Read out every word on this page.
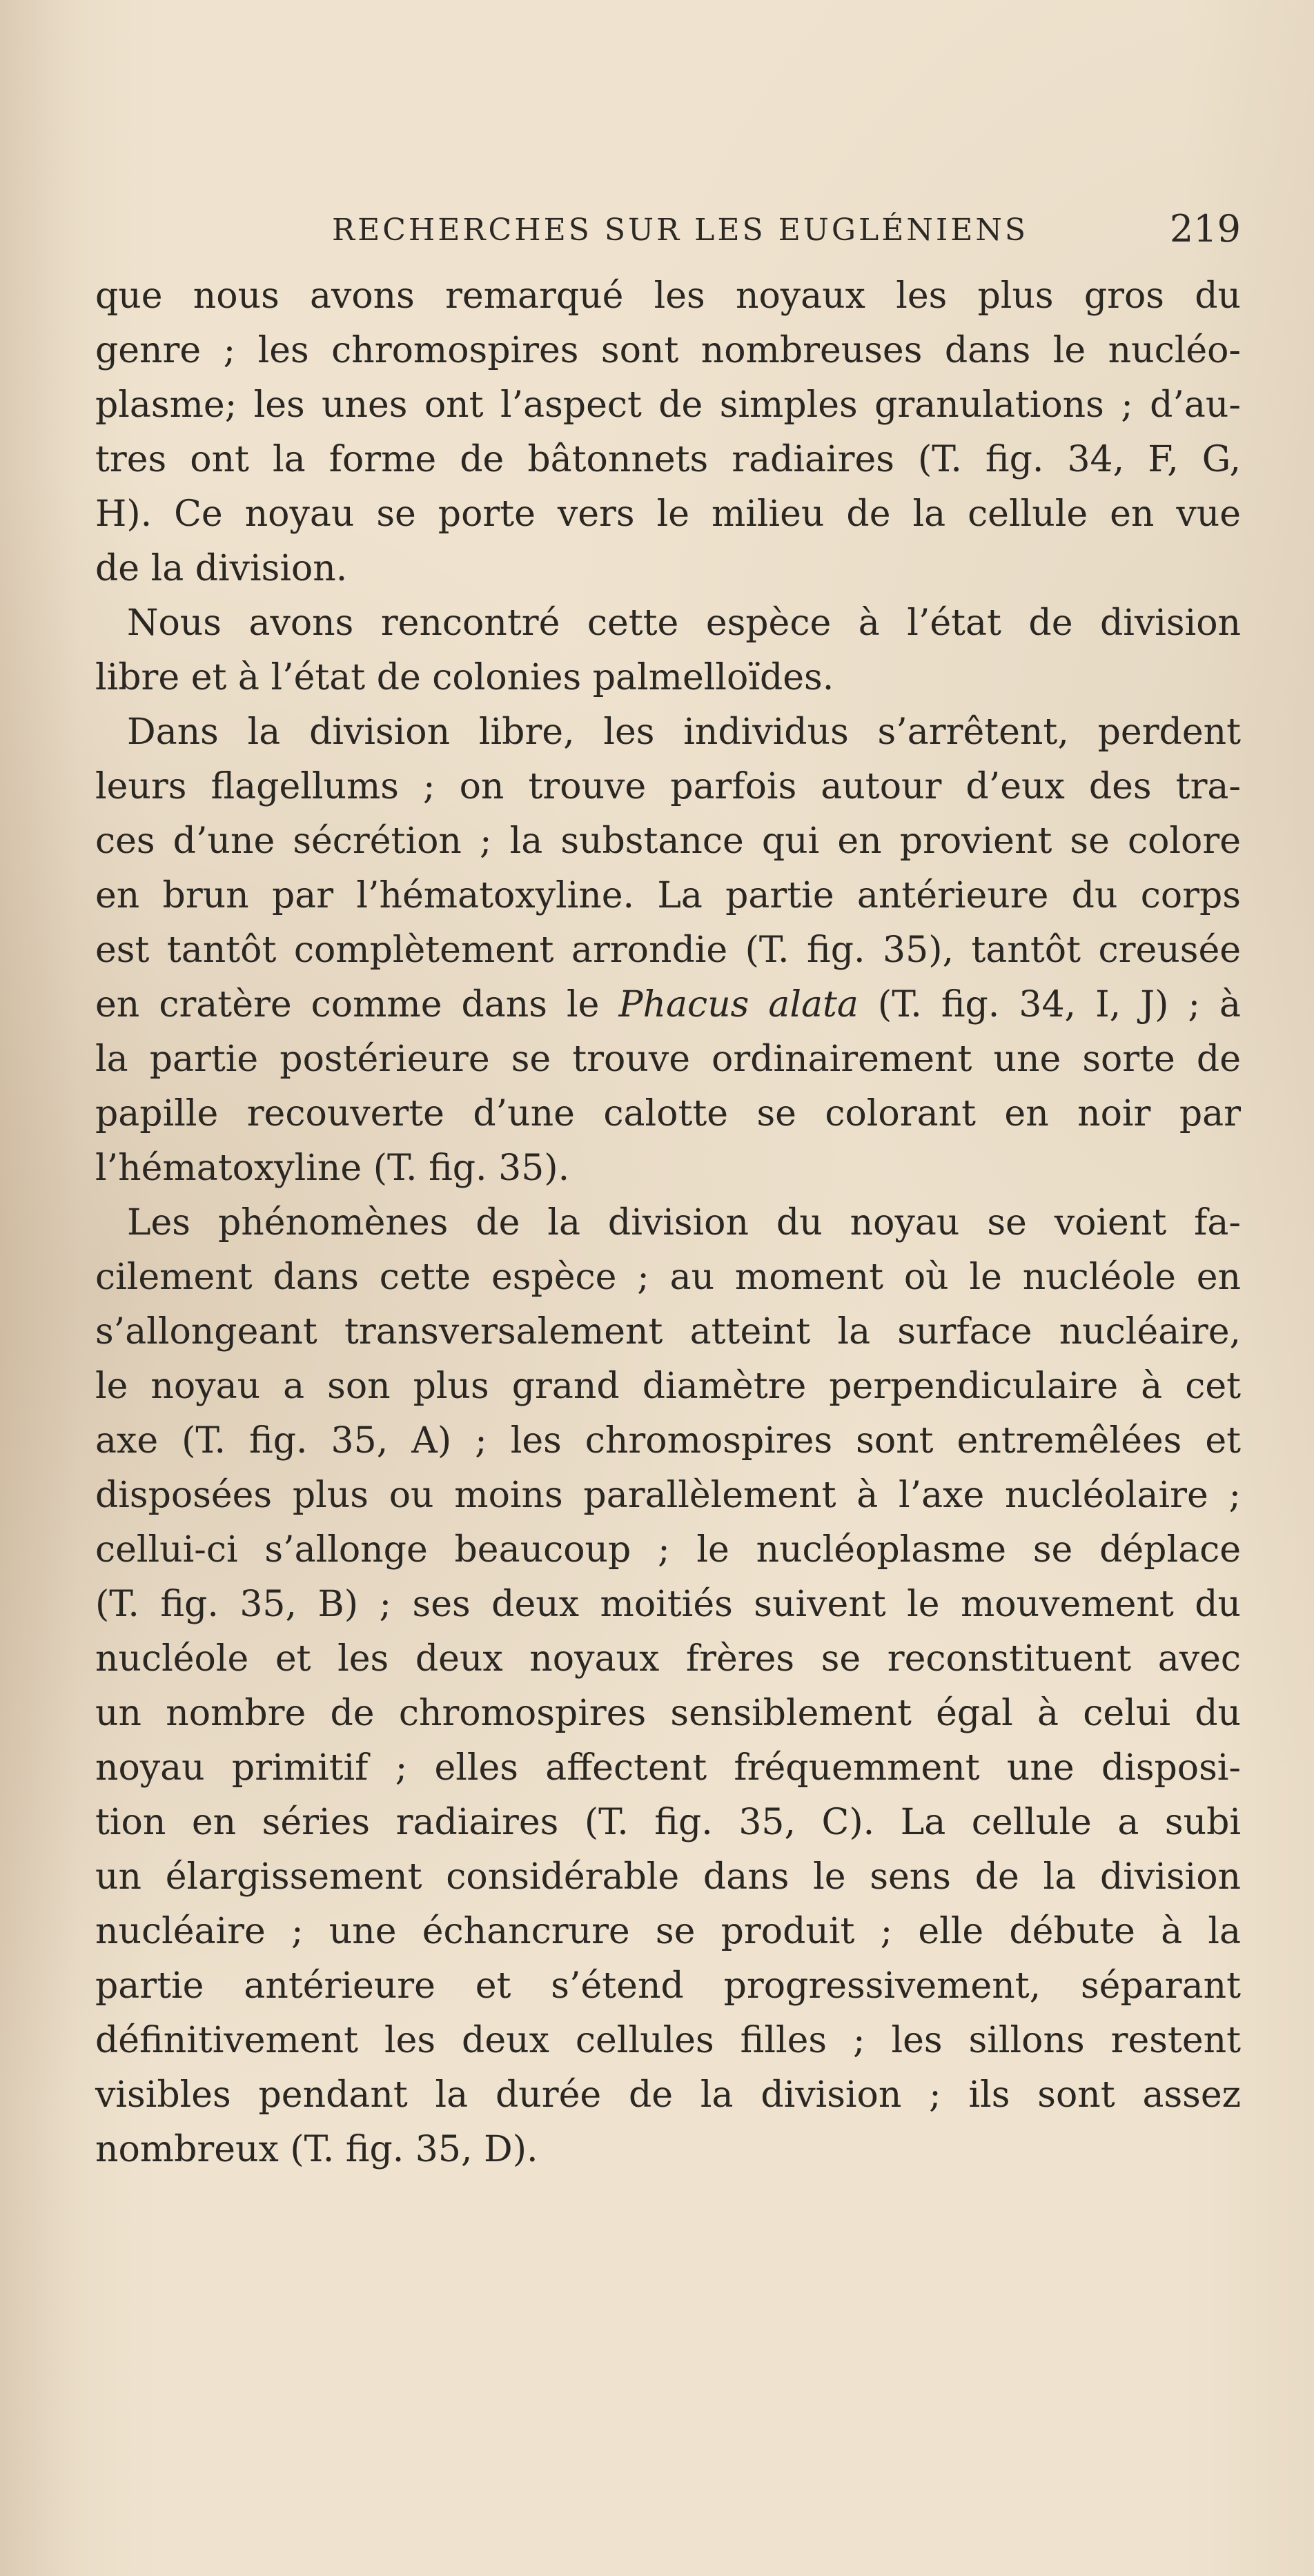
RECHERCHES SUR LES EUGLÉNIENS	219
que nous avons remarqué les noyaux les plus gros du
genre ; les chromospires sont nombreuses dans le nucléo-
plasme; les unes ont l’aspect de simples granulations ; d’au-
tres ont la forme de bâtonnets radiaires (T. fig. 34, F, G,
H). Ce noyau se porte vers le milieu de la cellule en vue
de la division.
Nous avons rencontré cette espèce à l’état de division
libre et à l’état de colonies palmelloïdes.
Dans la division libre, les individus s’arrêtent, perdent
leurs flagellums ; on trouve parfois autour d’eux des tra-
ces d’une sécrétion ; la substance qui en provient se colore
en brun par l’hématoxyline. La partie antérieure du corps
est tantôt complètement arrondie (T. fig. 35), tantôt creusée
en cratère comme dans le Phacus alata (T. fig. 34, I, J) ; à
la partie postérieure se trouve ordinairement une sorte de
papille recouverte d’une calotte se colorant en noir par
l’hématoxyline (T. fig. 35).
Les phénomènes de la division du noyau se voient fa-
cilement dans cette espèce ; au moment où le nucléole en
s’allongeant transversalement atteint la surface nucléaire,
le noyau a son plus grand diamètre perpendiculaire à cet
axe (T. fig. 35, A) ; les chromospires sont entremêlées et
disposées plus ou moins parallèlement à l’axe nucléolaire ;
cellui-ci s’allonge beaucoup ; le nucléoplasme se déplace
(T. fig. 35, B) ; ses deux moitiés suivent le mouvement du
nucléole et les deux noyaux frères se reconstituent avec
un nombre de chromospires sensiblement égal à celui du
noyau primitif ; elles affectent fréquemment une disposi-
tion en séries radiaires (T. fig. 35, C). La cellule a subi
un élargissement considérable dans le sens de la division
nucléaire ; une échancrure se produit ; elle débute à la
partie antérieure et s’étend progressivement, séparant
définitivement les deux cellules filles ; les sillons restent
visibles pendant la durée de la division ; ils sont assez
nombreux (T. fig. 35, D).
